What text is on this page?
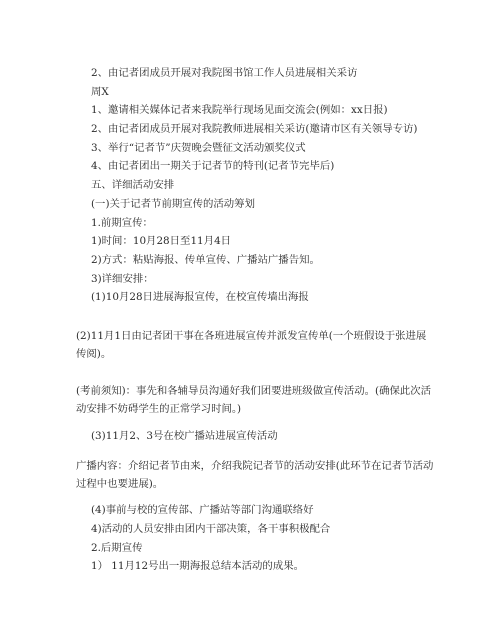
2、由记者团成员开展对我院图书馆工作人员进展相关采访
周X
1、邀请相关媒体记者来我院举行现场见面交流会(例如：xx日报)
2、由记者团成员开展对我院教师进展相关采访(邀请市区有关领导专访)
3、举行“记者节”庆贺晚会暨征文活动颁奖仪式
4、由记者团出一期关于记者节的特刊(记者节完毕后)
五、详细活动安排
(一)关于记者节前期宣传的活动筹划
1.前期宣传：
1)时间：10月28日至11月4日
2)方式：粘贴海报、传单宣传、广播站广播告知。
3)详细安排：
(1)10月28日进展海报宣传，在校宣传墙出海报
(2)11月1日由记者团干事在各班进展宣传并派发宣传单(一个班假设于张进展传阅)。
(考前须知)：事先和各辅导员沟通好我们团要进班级做宣传活动。(确保此次活动安排不妨碍学生的正常学习时间。)
(3)11月2、3号在校广播站进展宣传活动
广播内容：介绍记者节由来，介绍我院记者节的活动安排(此环节在记者节活动过程中也要进展)。
(4)事前与校的宣传部、广播站等部门沟通联络好
4)活动的人员安排由团内干部决策，各干事积极配合
2.后期宣传
1） 11月12号出一期海报总结本活动的成果。
